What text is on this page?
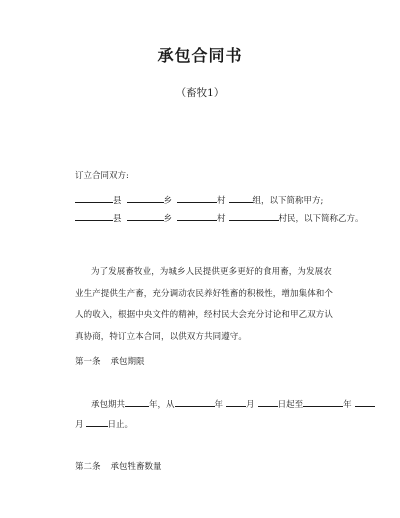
承包合同书
（畜牧1）
订立合同双方:
县	乡	村	组，以下简称甲方;
县	乡	村	村民，以下简称乙方。
为了发展畜牧业，为城乡人民提供更多更好的食用畜，为发展农业生产提供生产畜，充分调动农民养好牲畜的积极性，增加集体和个人的收入，根据中央文件的精神，经村民大会充分讨论和甲乙双方认真协商，特订立本合同，以供双方共同遵守。
第一条 承包期限
承包期共	年，从	年	月	日起至	年
月	日止。
第二条 承包牲畜数量
